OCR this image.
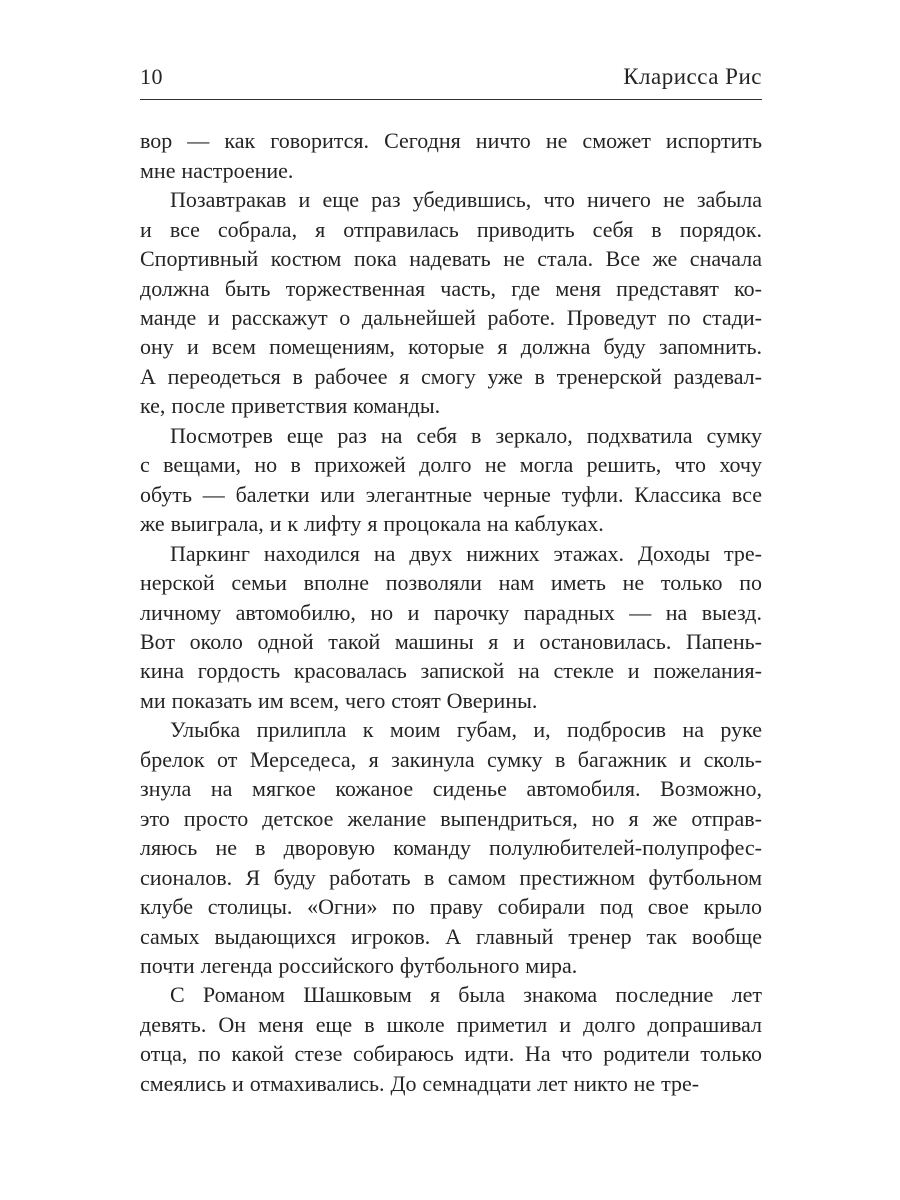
10	Кларисса Рис
вор — как говорится. Сегодня ничто не сможет испортить
мне настроение.
Позавтракав и еще раз убедившись, что ничего не забыла
и все собрала, я отправилась приводить себя в порядок.
Спортивный костюм пока надевать не стала. Все же сначала
должна быть торжественная часть, где меня представят ко-
манде и расскажут о дальнейшей работе. Проведут по стади-
ону и всем помещениям, которые я должна буду запомнить.
А переодеться в рабочее я смогу уже в тренерской раздевал-
ке, после приветствия команды.
Посмотрев еще раз на себя в зеркало, подхватила сумку
с вещами, но в прихожей долго не могла решить, что хочу
обуть — балетки или элегантные черные туфли. Классика все
же выиграла, и к лифту я процокала на каблуках.
Паркинг находился на двух нижних этажах. Доходы тре-
нерской семьи вполне позволяли нам иметь не только по
личному автомобилю, но и парочку парадных — на выезд.
Вот около одной такой машины я и остановилась. Папень-
кина гордость красовалась запиской на стекле и пожелания-
ми показать им всем, чего стоят Оверины.
Улыбка прилипла к моим губам, и, подбросив на руке
брелок от Мерседеса, я закинула сумку в багажник и сколь-
знула на мягкое кожаное сиденье автомобиля. Возможно,
это просто детское желание выпендриться, но я же отправ-
ляюсь не в дворовую команду полулюбителей-полупрофес-
сионалов. Я буду работать в самом престижном футбольном
клубе столицы. «Огни» по праву собирали под свое крыло
самых выдающихся игроков. А главный тренер так вообще
почти легенда российского футбольного мира.
С Романом Шашковым я была знакома последние лет
девять. Он меня еще в школе приметил и долго допрашивал
отца, по какой стезе собираюсь идти. На что родители только
смеялись и отмахивались. До семнадцати лет никто не тре-
